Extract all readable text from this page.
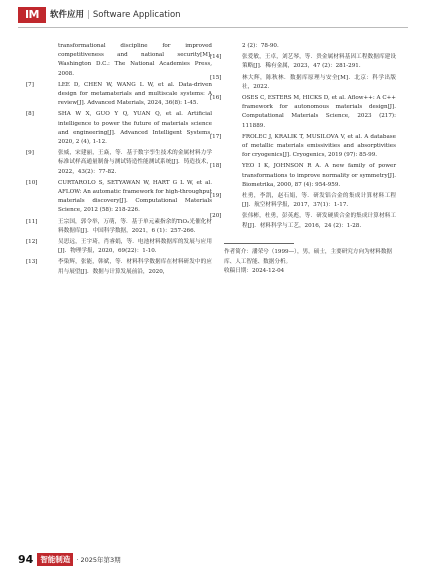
IM	软件应用 | Software Application
transformational discipline for improved competitiveness and national security[M]. Washington D.C.: The National Academies Press, 2008.
[7]	LEE D, CHEN W, WANG L W, et al. Data-driven design for metamaterials and multiscale systems: A review[J]. Advanced Materials, 2024, 36(8): 1-45.
[8]	SHA W X, GUO Y Q, YUAN Q, et al. Artificial intelligence to power the future of materials science and engineering[J]. Advanced Intelligent Systems, 2020, 2 (4), 1-12.
[9]	张威，宋建丽，王焱，等．基于数字孪生技术的金属材料力学标准试样高通量制备与测试铸造性能测试系统[J]．铸造技术，2022，43(2)：77-82.
[10]	CURTAROLO S, SETYAWAN W, HART G L W, et al. AFLOW: An automatic framework for high-throughput materials discovery[J]. Computational Materials Science, 2012 (58): 218-226.
[11]	王宗国，郭令举，万萌，等．基于单元素指余的TiO₂光催化材料数据库[J]．中国科学数据，2021，6 (1)：257-266.
[12]	吴思远，王宇琦，肖睿娟，等．电池材料数据库的发展与应用[J]．物理学报，2020，69(22)：1-10.
[13]	李染辉，张能，韩斌，等．材料科学数据库在材料研发中的应用与展望[J]．数据与计算发展前沿，2020，
2 (2)：78-90.
[14]	张爱敏，王卓，刘艺琴，等．贵金属材料基因工程数据库建设策略[J]．稀有金属，2023，47 (2)：281-291.
[15]	林大辉，陈秋林．数据库原理与安全[M]．北京：科学出版社，2022.
[16]	OSES C, ESTERS M, HICKS D, et al. Aflow++: A C++ framework for autonomous materials design[J]. Computational Materials Science, 2023 (217): 111889.
[17]	FROLEC J, KRALIK T, MUSILOVA V, et al. A database of metallic materials emissivities and absorptivities for cryogenics[J]. Cryogenics, 2019 (97): 85-99.
[18]	YEO I K, JOHNSON R A. A new family of power transformations to improve normality or symmetry[J]. Biometrika, 2000, 87 (4): 954-959.
[19]	杜勇，李凯，赵石娟，等．研发铝合金的集成计算材料工程[J]．航空材料学报，2017，37(1)：1-17.
[20]	张伟彬，杜勇，彭英彪，等．研发硬质合金的集成计算材料工程[J]．材料科学与工艺，2016，24 (2)：1-28.
作者简介：潘荣兮（1999—），男，硕士，主要研究方向为材料数据库、人工智能、数据分析。
收稿日期：2024-12-04
94 智能制造 · 2025年第3期
